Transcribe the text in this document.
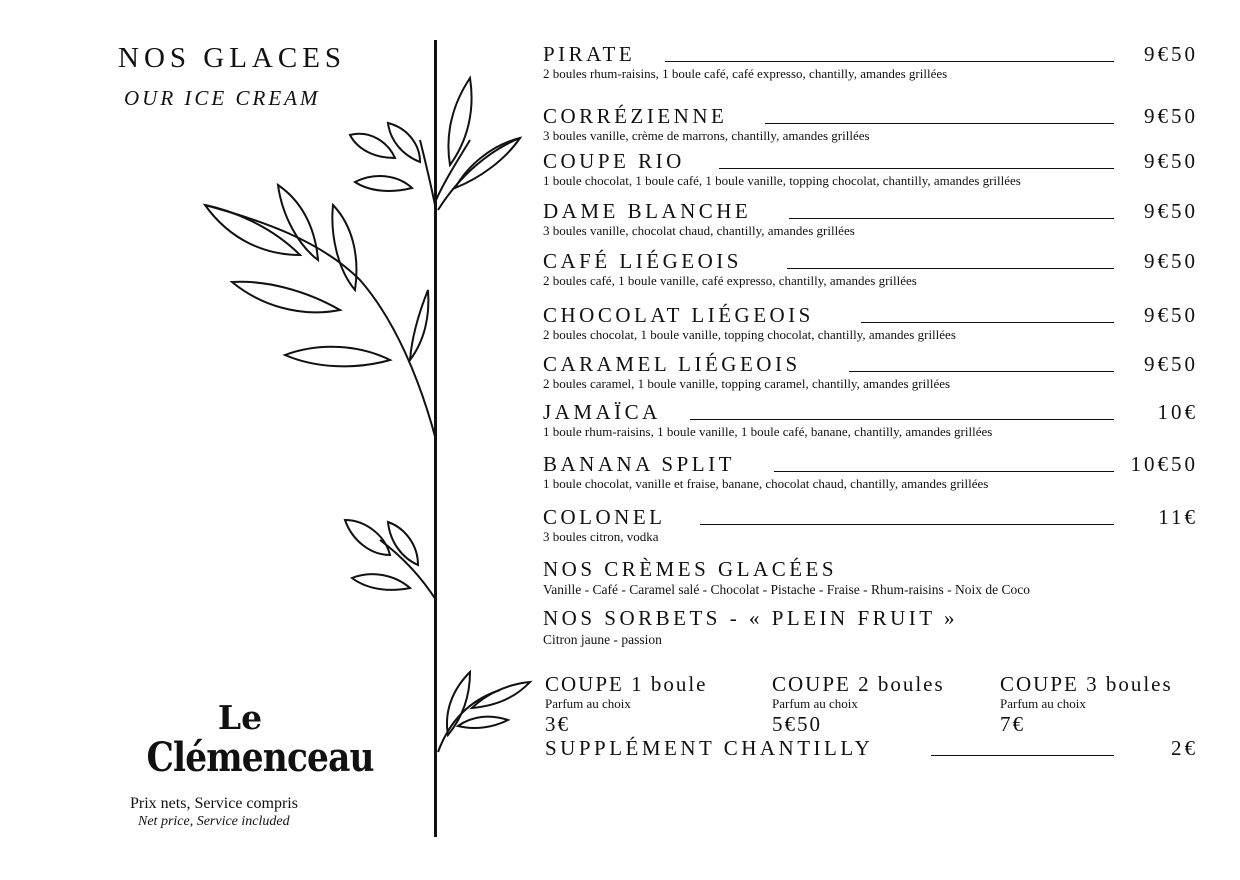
NOS GLACES
OUR ICE CREAM
Le
Clémenceau
Prix nets, Service compris
Net price, Service included
PIRATE	9€50
2 boules rhum-raisins, 1 boule café, café expresso, chantilly, amandes grillées
CORRÉZIENNE	9€50
3 boules vanille, crème de marrons, chantilly, amandes grillées
COUPE RIO	9€50
1 boule chocolat, 1 boule café, 1 boule vanille, topping chocolat, chantilly, amandes grillées
DAME BLANCHE	9€50
3 boules vanille, chocolat chaud, chantilly, amandes grillées
CAFÉ LIÉGEOIS	9€50
2 boules café, 1 boule vanille, café expresso, chantilly, amandes grillées
CHOCOLAT LIÉGEOIS	9€50
2 boules chocolat, 1 boule vanille, topping chocolat, chantilly, amandes grillées
CARAMEL LIÉGEOIS	9€50
2 boules caramel, 1 boule vanille, topping caramel, chantilly, amandes grillées
JAMAÏCA	10€
1 boule rhum-raisins, 1 boule vanille, 1 boule café, banane, chantilly, amandes grillées
BANANA SPLIT	10€50
1 boule chocolat, vanille et fraise, banane, chocolat chaud, chantilly, amandes grillées
COLONEL	11€
3 boules citron, vodka
NOS CRÈMES GLACÉES
Vanille - Café - Caramel salé - Chocolat - Pistache - Fraise - Rhum-raisins - Noix de Coco
NOS SORBETS - « PLEIN FRUIT »
Citron jaune - passion
COUPE 1 boule
Parfum au choix
3€
COUPE 2 boules
Parfum au choix
5€50
COUPE 3 boules
Parfum au choix
7€
SUPPLÉMENT CHANTILLY	2€
